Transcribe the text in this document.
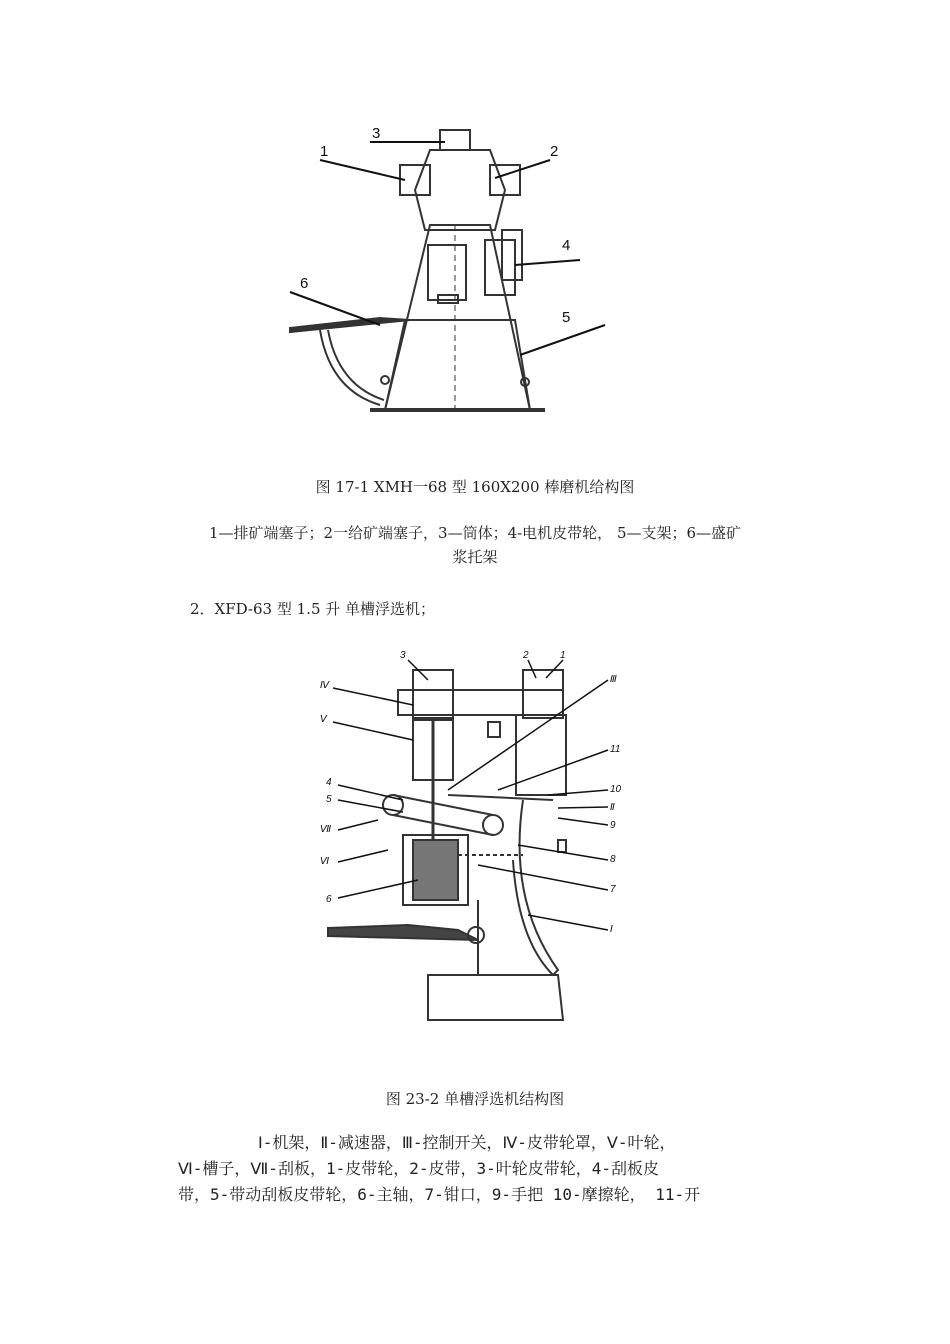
1	2
3
4
5
6
图 17-1 XMH一68 型 160X200 棒磨机给构图
1—排矿端塞子；2一给矿端塞子，3—筒体；4-电机皮带轮， 5—支架；6—盛矿
浆托架
2．XFD-63 型 1.5 升 单槽浮选机；
Ⅳ
Ⅴ
4
5
Ⅶ
Ⅵ
6
3	2	1
Ⅲ
11
10
Ⅱ
9
8
7
Ⅰ
图 23-2 单槽浮选机结构图
Ⅰ-机架，Ⅱ-减速器，Ⅲ-控制开关，Ⅳ-皮带轮罩，Ⅴ-叶轮，
Ⅵ-槽子，Ⅶ-刮板，1-皮带轮，2-皮带，3-叶轮皮带轮，4-刮板皮
带，5-带动刮板皮带轮，6-主轴，7-钳口，9-手把 10-摩擦轮， 11-开
